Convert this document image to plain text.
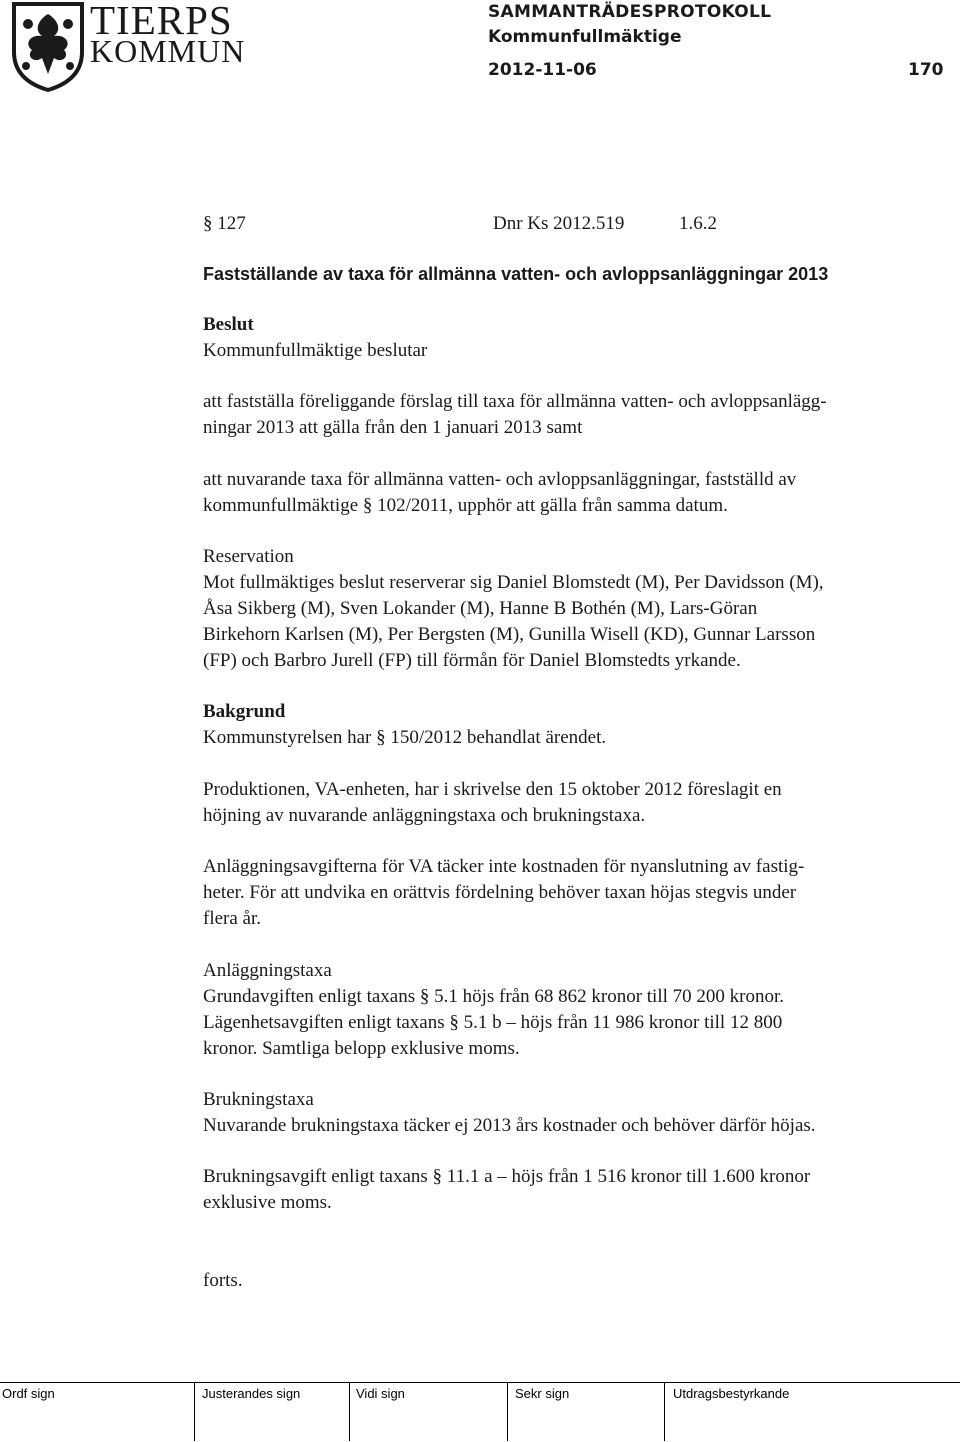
TIERPS
KOMMUN
SAMMANTRÄDESPROTOKOLL
Kommunfullmäktige
2012-11-06	170
§ 127	Dnr Ks 2012.519	1.6.2
Fastställande av taxa för allmänna vatten- och avloppsanläggningar 2013
Beslut
Kommunfullmäktige beslutar
att fastställa föreliggande förslag till taxa för allmänna vatten- och avloppsanlägg-
ningar 2013 att gälla från den 1 januari 2013 samt
att nuvarande taxa för allmänna vatten- och avloppsanläggningar, fastställd av
kommunfullmäktige § 102/2011, upphör att gälla från samma datum.
Reservation
Mot fullmäktiges beslut reserverar sig Daniel Blomstedt (M), Per Davidsson (M),
Åsa Sikberg (M), Sven Lokander (M), Hanne B Bothén (M), Lars-Göran
Birkehorn Karlsen (M), Per Bergsten (M), Gunilla Wisell (KD), Gunnar Larsson
(FP) och Barbro Jurell (FP) till förmån för Daniel Blomstedts yrkande.
Bakgrund
Kommunstyrelsen har § 150/2012 behandlat ärendet.
Produktionen, VA-enheten, har i skrivelse den 15 oktober 2012 föreslagit en
höjning av nuvarande anläggningstaxa och brukningstaxa.
Anläggningsavgifterna för VA täcker inte kostnaden för nyanslutning av fastig-
heter. För att undvika en orättvis fördelning behöver taxan höjas stegvis under
flera år.
Anläggningstaxa
Grundavgiften enligt taxans § 5.1 höjs från 68 862 kronor till 70 200 kronor.
Lägenhetsavgiften enligt taxans § 5.1 b – höjs från 11 986 kronor till 12 800
kronor. Samtliga belopp exklusive moms.
Brukningstaxa
Nuvarande brukningstaxa täcker ej 2013 års kostnader och behöver därför höjas.
Brukningsavgift enligt taxans § 11.1 a – höjs från 1 516 kronor till 1.600 kronor
exklusive moms.
forts.
Ordf sign	Justerandes sign	Vidi sign	Sekr sign	Utdragsbestyrkande
